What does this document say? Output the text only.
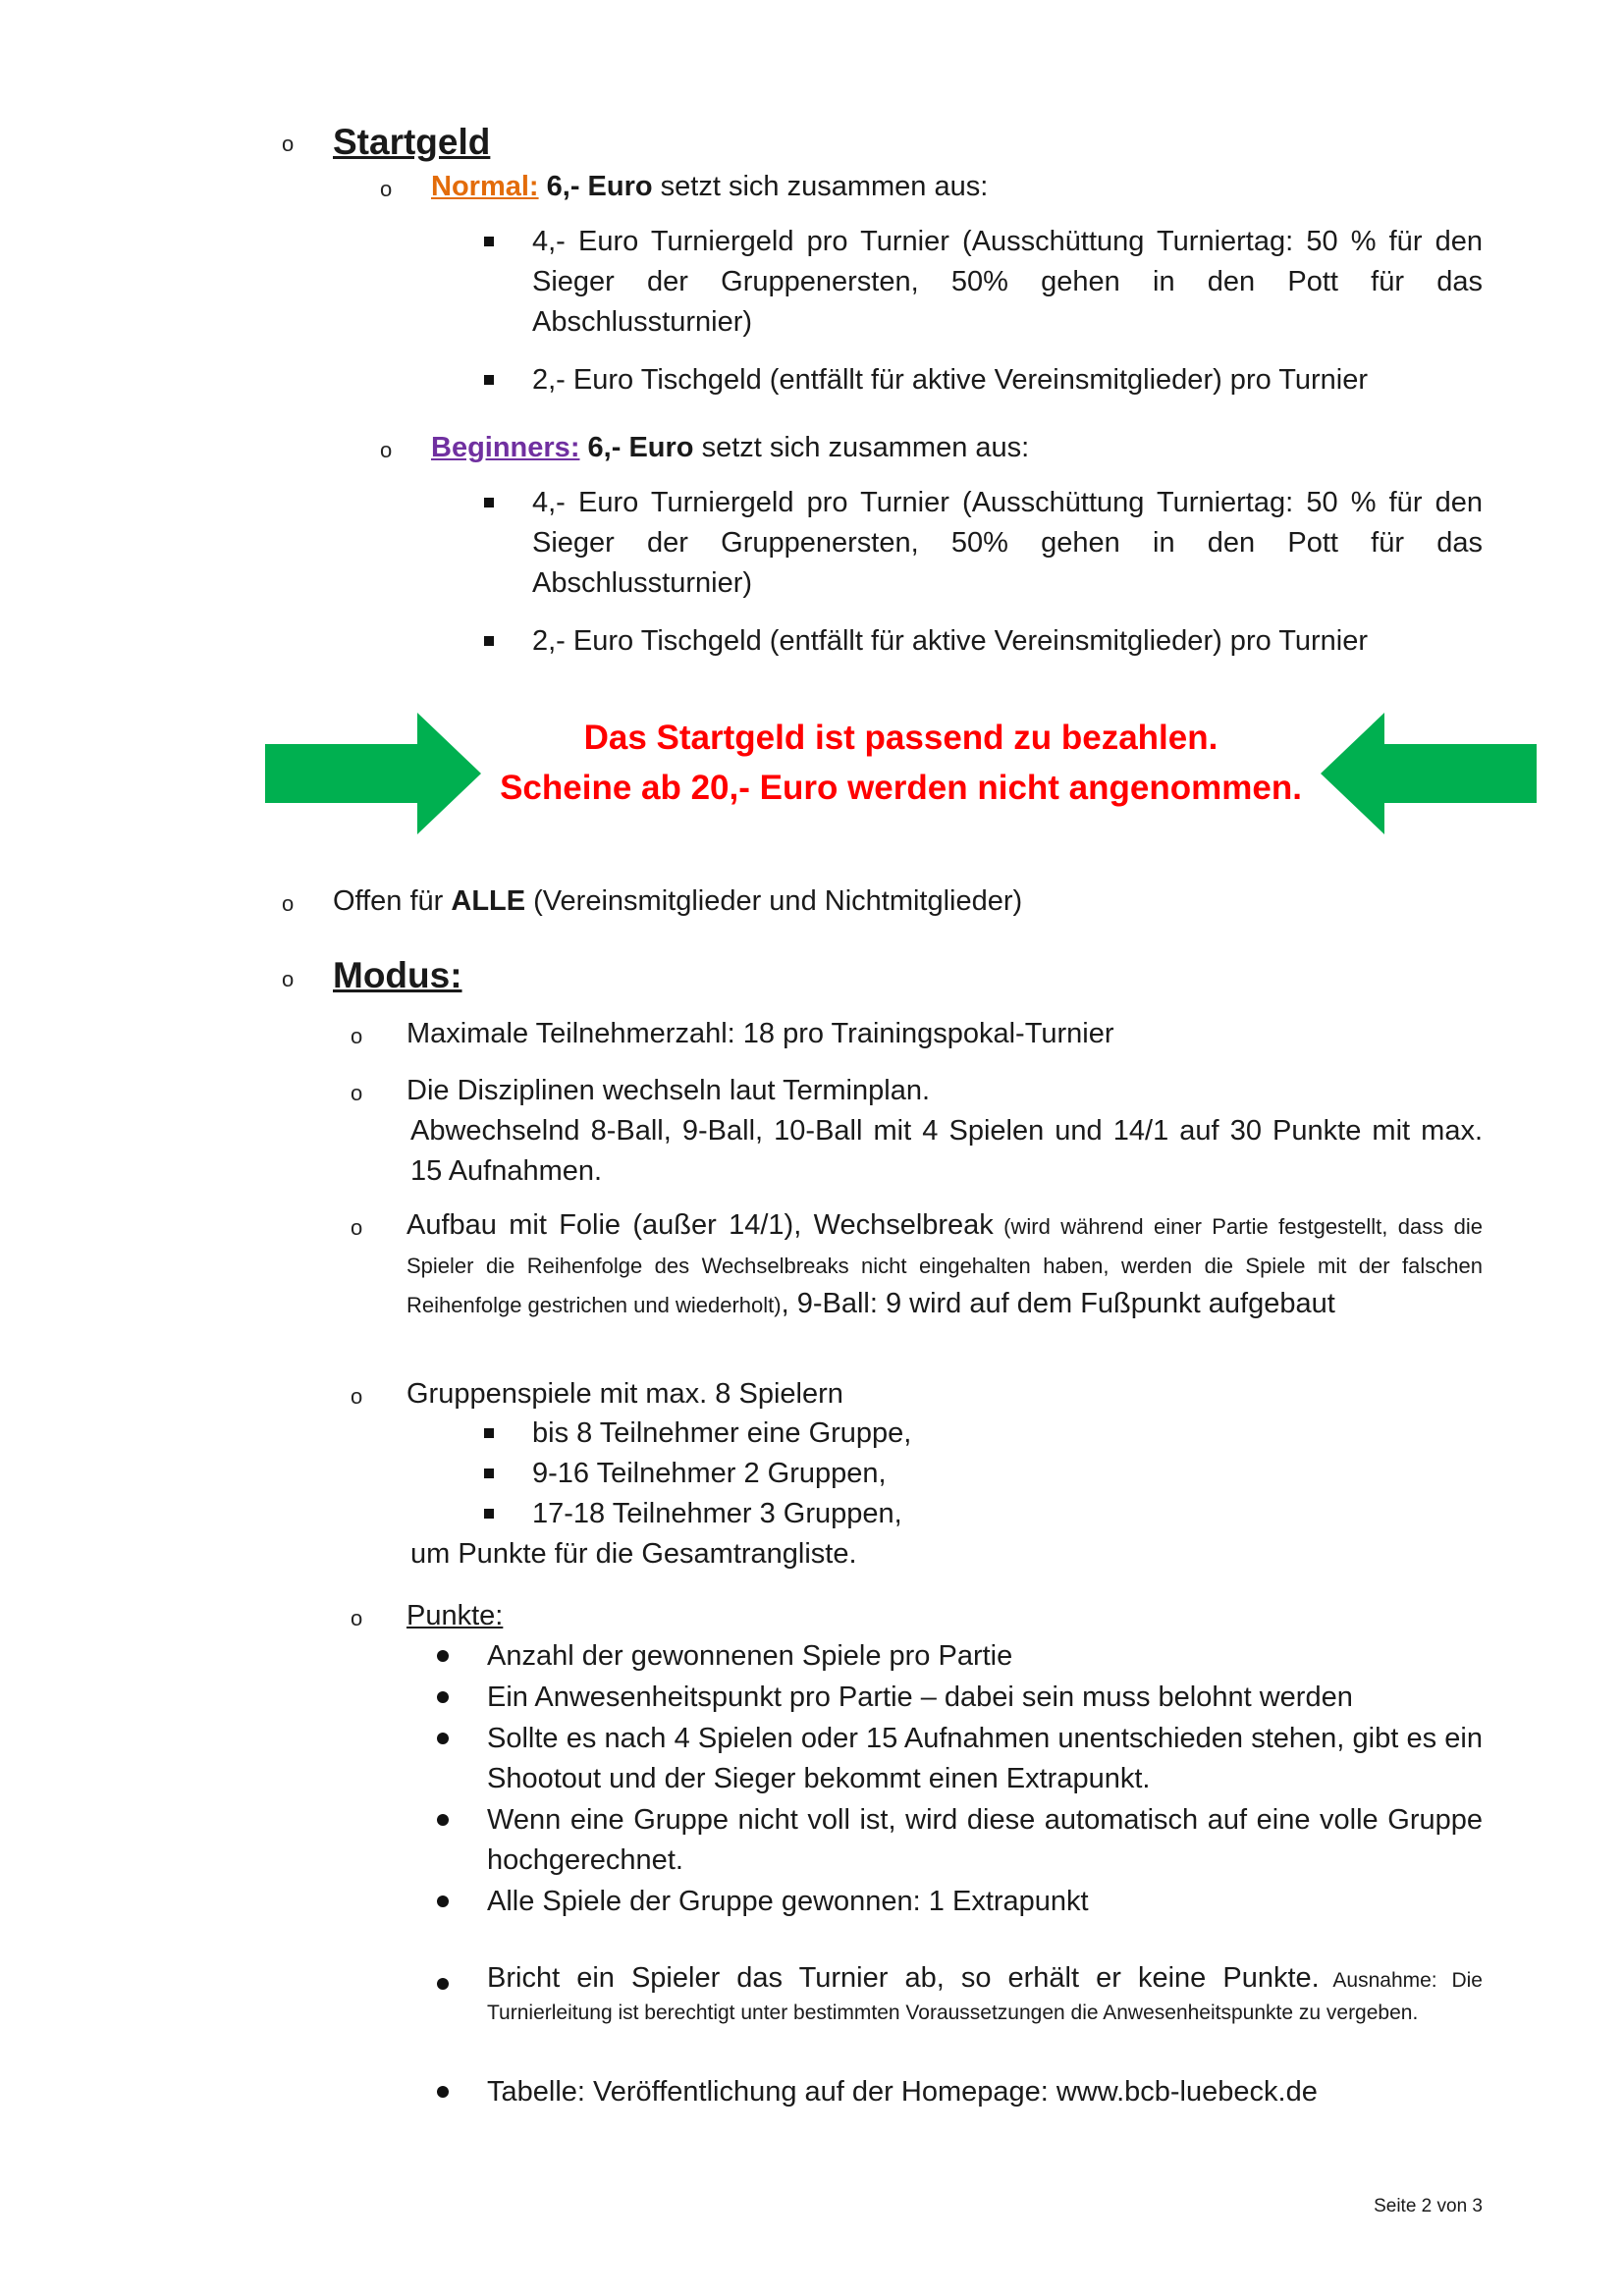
o Startgeld
o Normal: 6,- Euro setzt sich zusammen aus:
4,- Euro Turniergeld pro Turnier (Ausschüttung Turniertag: 50 % für den Sieger der Gruppenersten, 50% gehen in den Pott für das Abschlussturnier)
2,- Euro Tischgeld (entfällt für aktive Vereinsmitglieder) pro Turnier
o Beginners: 6,- Euro setzt sich zusammen aus:
4,- Euro Turniergeld pro Turnier (Ausschüttung Turniertag: 50 % für den Sieger der Gruppenersten, 50% gehen in den Pott für das Abschlussturnier)
2,- Euro Tischgeld (entfällt für aktive Vereinsmitglieder) pro Turnier
Das Startgeld ist passend zu bezahlen.
Scheine ab 20,- Euro werden nicht angenommen.
o Offen für ALLE (Vereinsmitglieder und Nichtmitglieder)
o Modus:
o Maximale Teilnehmerzahl: 18 pro Trainingspokal-Turnier
o Die Disziplinen wechseln laut Terminplan.
Abwechselnd 8-Ball, 9-Ball, 10-Ball mit 4 Spielen und 14/1 auf 30 Punkte mit max. 15 Aufnahmen.
o Aufbau mit Folie (außer 14/1), Wechselbreak (wird während einer Partie festgestellt, dass die Spieler die Reihenfolge des Wechselbreaks nicht eingehalten haben, werden die Spiele mit der falschen Reihenfolge gestrichen und wiederholt), 9-Ball: 9 wird auf dem Fußpunkt aufgebaut
o Gruppenspiele mit max. 8 Spielern
bis 8 Teilnehmer eine Gruppe,
9-16 Teilnehmer 2 Gruppen,
17-18 Teilnehmer 3 Gruppen,
um Punkte für die Gesamtrangliste.
o Punkte:
Anzahl der gewonnenen Spiele pro Partie
Ein Anwesenheitspunkt pro Partie – dabei sein muss belohnt werden
Sollte es nach 4 Spielen oder 15 Aufnahmen unentschieden stehen, gibt es ein Shootout und der Sieger bekommt einen Extrapunkt.
Wenn eine Gruppe nicht voll ist, wird diese automatisch auf eine volle Gruppe hochgerechnet.
Alle Spiele der Gruppe gewonnen: 1 Extrapunkt
Bricht ein Spieler das Turnier ab, so erhält er keine Punkte. Ausnahme: Die Turnierleitung ist berechtigt unter bestimmten Voraussetzungen die Anwesenheitspunkte zu vergeben.
Tabelle: Veröffentlichung auf der Homepage: www.bcb-luebeck.de
Seite 2 von 3
